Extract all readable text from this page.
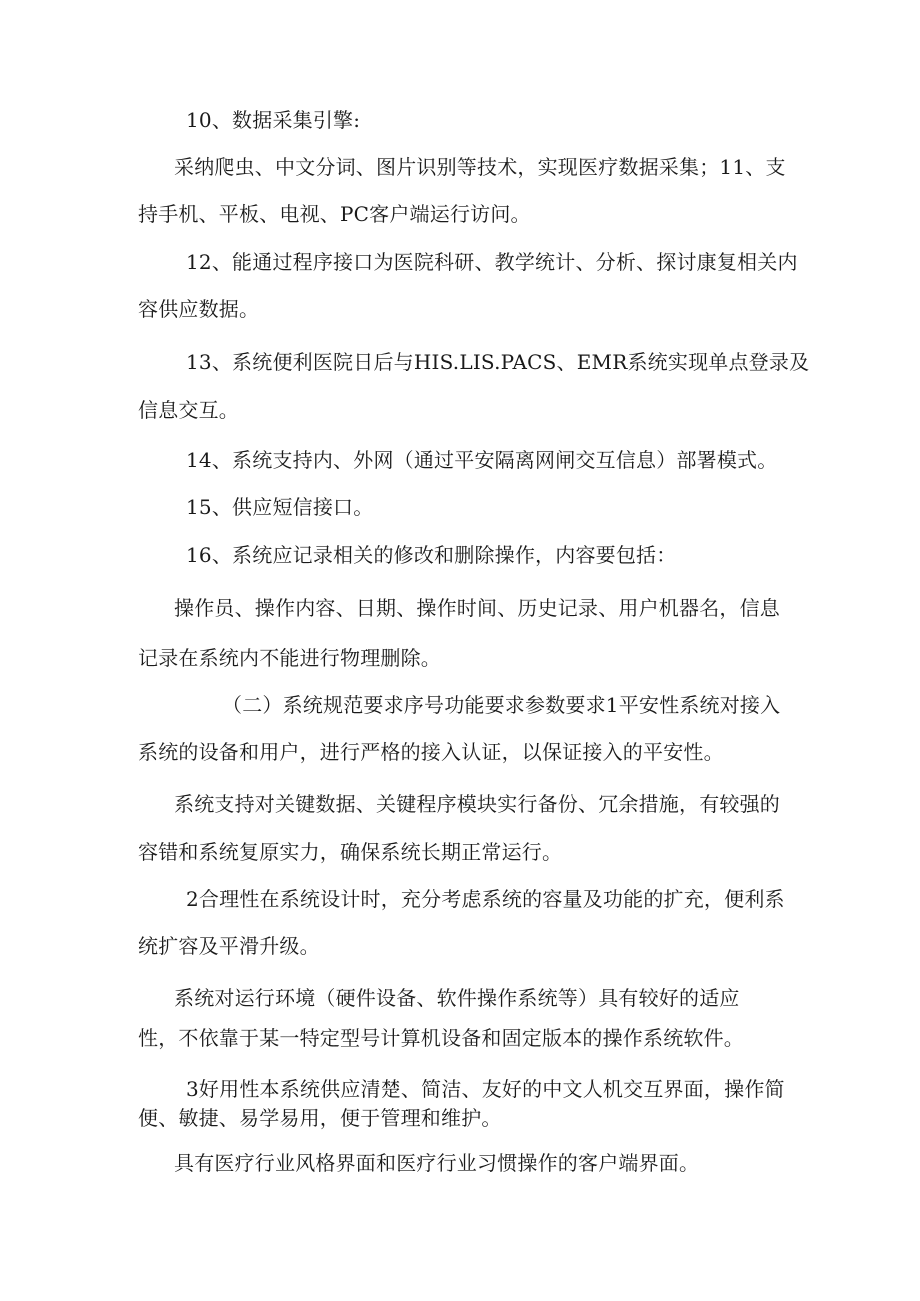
10、数据采集引擎:
采纳爬虫、中文分词、图片识别等技术，实现医疗数据采集；11、支
持手机、平板、电视、PC客户端运行访问。
12、能通过程序接口为医院科研、教学统计、分析、探讨康复相关内
容供应数据。
13、系统便利医院日后与HIS.LIS.PACS、EMR系统实现单点登录及
信息交互。
14、系统支持内、外网（通过平安隔离网闸交互信息）部署模式。
15、供应短信接口。
16、系统应记录相关的修改和删除操作，内容要包括：
操作员、操作内容、日期、操作时间、历史记录、用户机器名，信息
记录在系统内不能进行物理删除。
（二）系统规范要求序号功能要求参数要求1平安性系统对接入
系统的设备和用户，进行严格的接入认证，以保证接入的平安性。
系统支持对关键数据、关键程序模块实行备份、冗余措施，有较强的
容错和系统复原实力，确保系统长期正常运行。
2合理性在系统设计时，充分考虑系统的容量及功能的扩充，便利系
统扩容及平滑升级。
系统对运行环境（硬件设备、软件操作系统等）具有较好的适应
性，不依靠于某一特定型号计算机设备和固定版本的操作系统软件。
3好用性本系统供应清楚、简洁、友好的中文人机交互界面，操作简
便、敏捷、易学易用，便于管理和维护。
具有医疗行业风格界面和医疗行业习惯操作的客户端界面。
